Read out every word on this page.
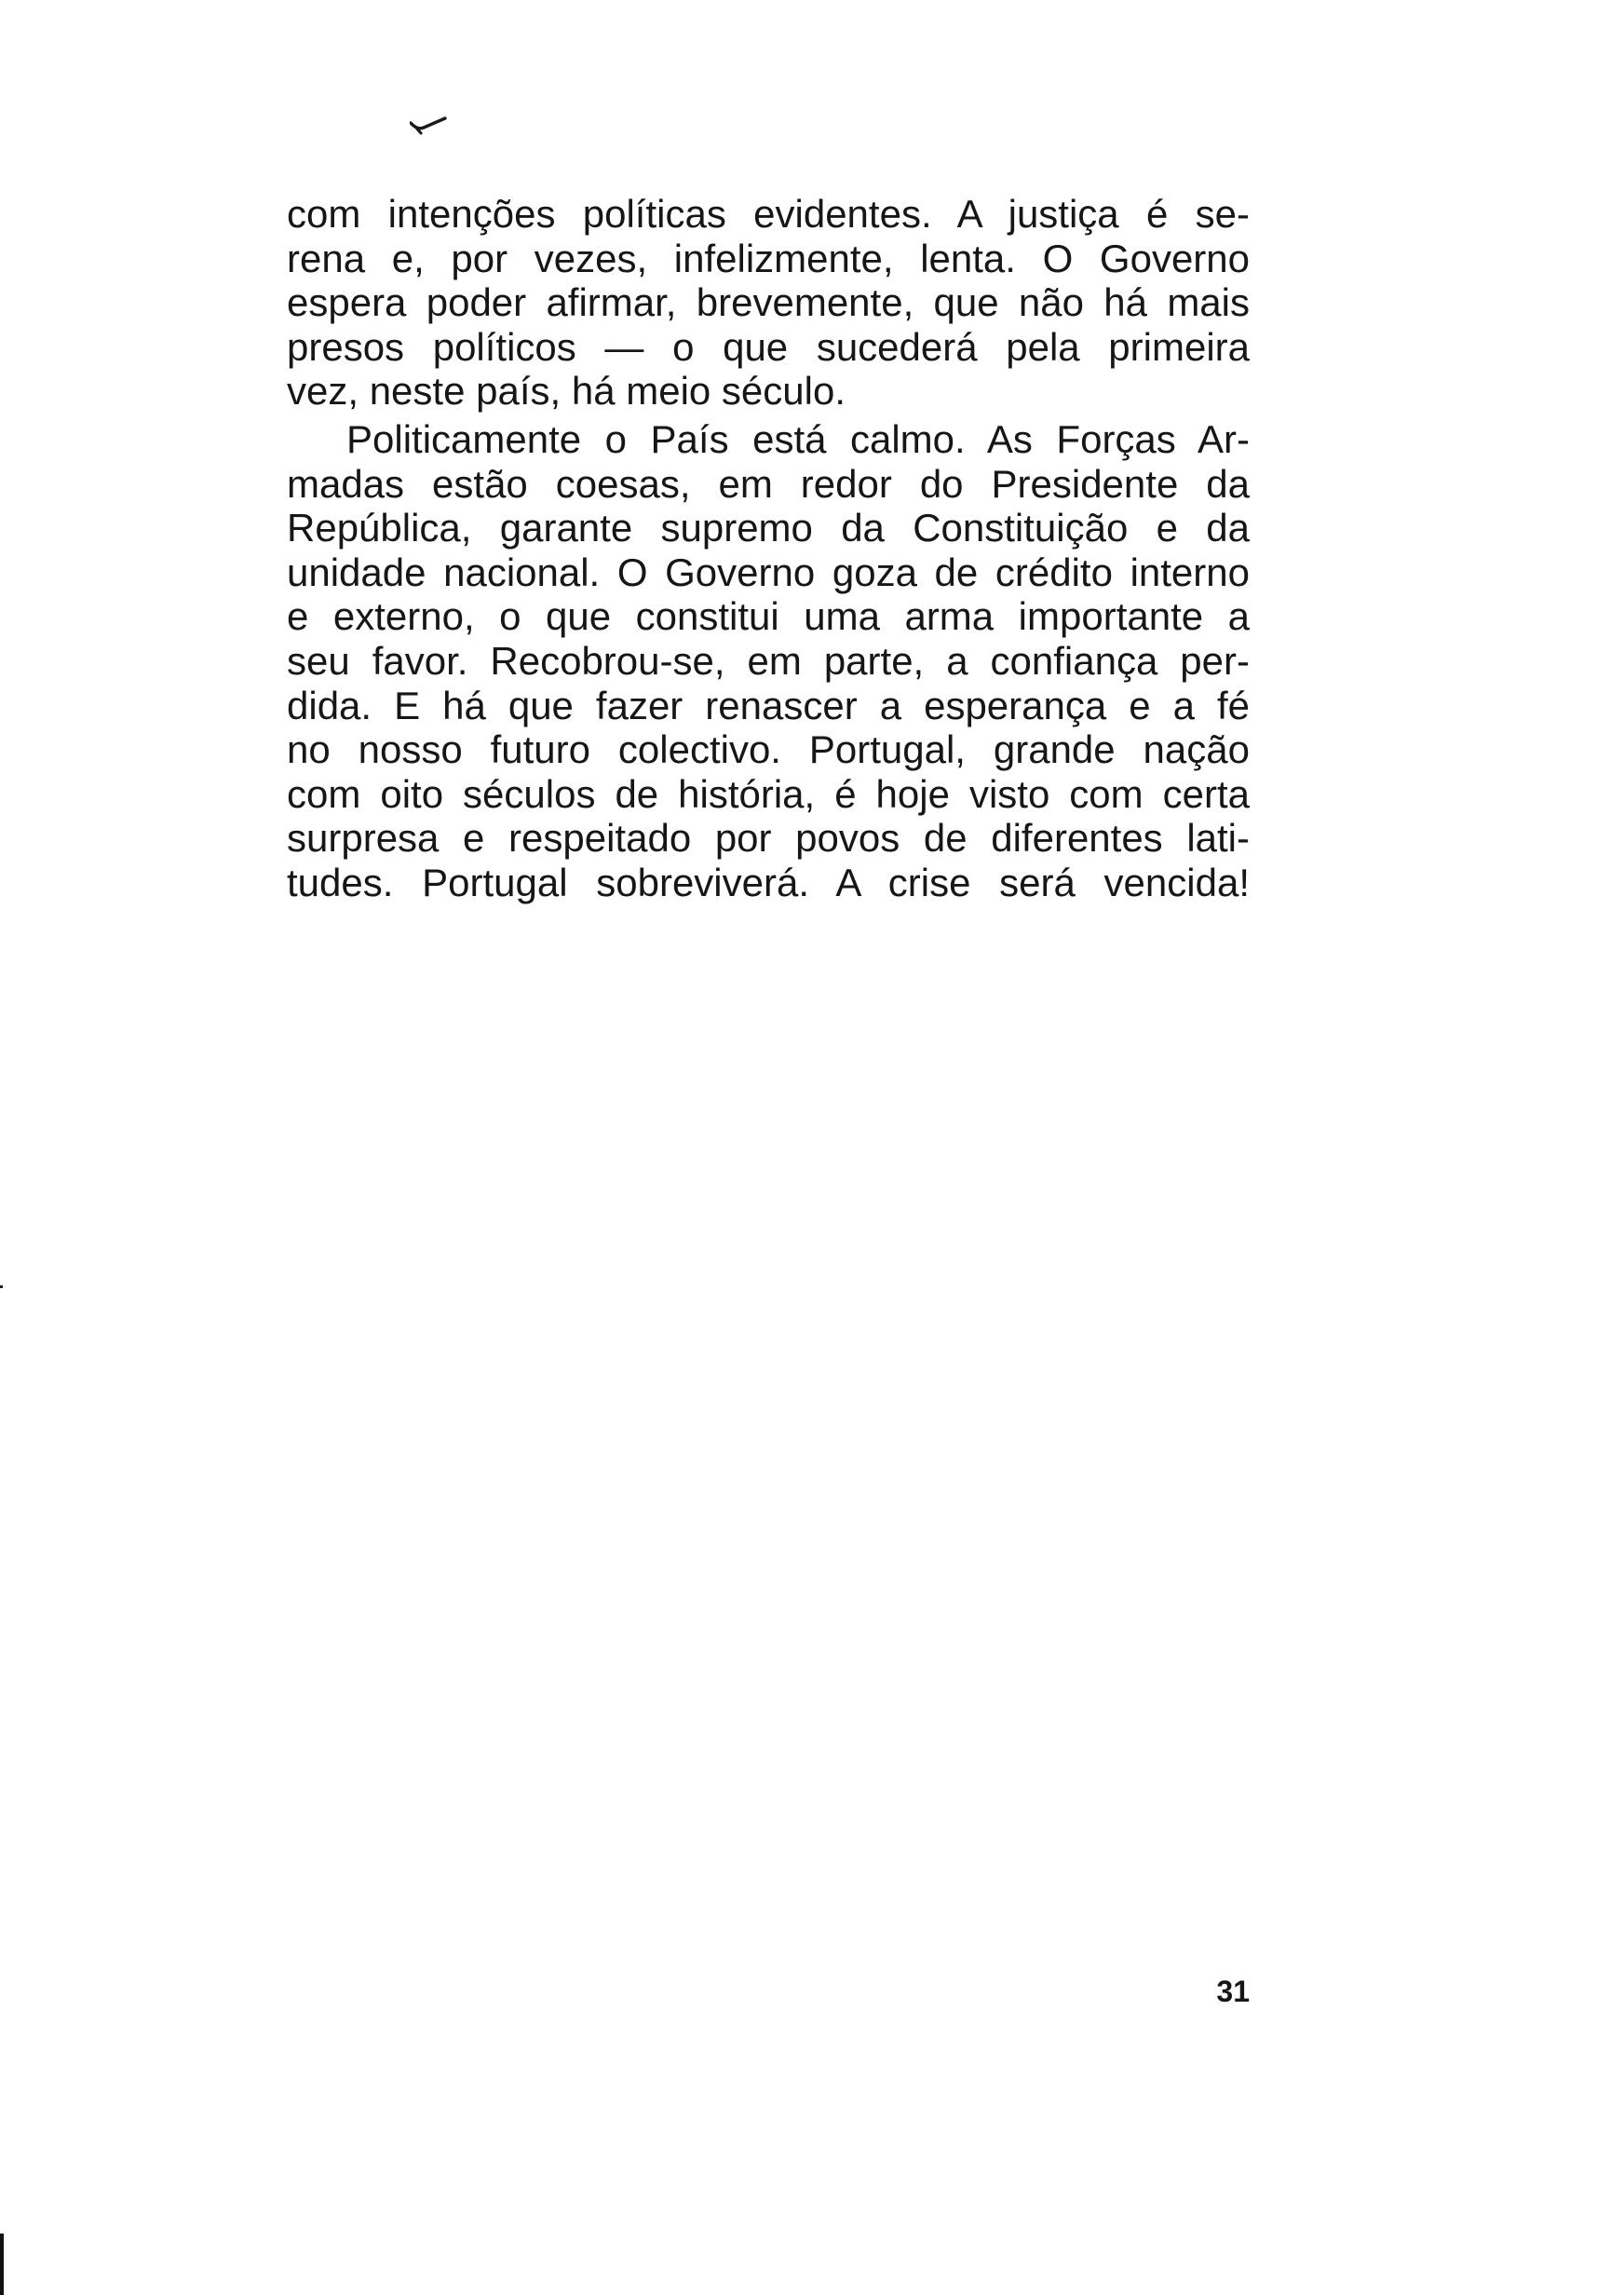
com intenções políticas evidentes. A justiça é se-
rena e, por vezes, infelizmente, lenta. O Governo
espera poder afirmar, brevemente, que não há mais
presos políticos — o que sucederá pela primeira
vez, neste país, há meio século.
Politicamente o País está calmo. As Forças Ar-
madas estão coesas, em redor do Presidente da
República, garante supremo da Constituição e da
unidade nacional. O Governo goza de crédito interno
e externo, o que constitui uma arma importante a
seu favor. Recobrou-se, em parte, a confiança per-
dida. E há que fazer renascer a esperança e a fé
no nosso futuro colectivo. Portugal, grande nação
com oito séculos de história, é hoje visto com certa
surpresa e respeitado por povos de diferentes lati-
tudes. Portugal sobreviverá. A crise será vencida!
31
